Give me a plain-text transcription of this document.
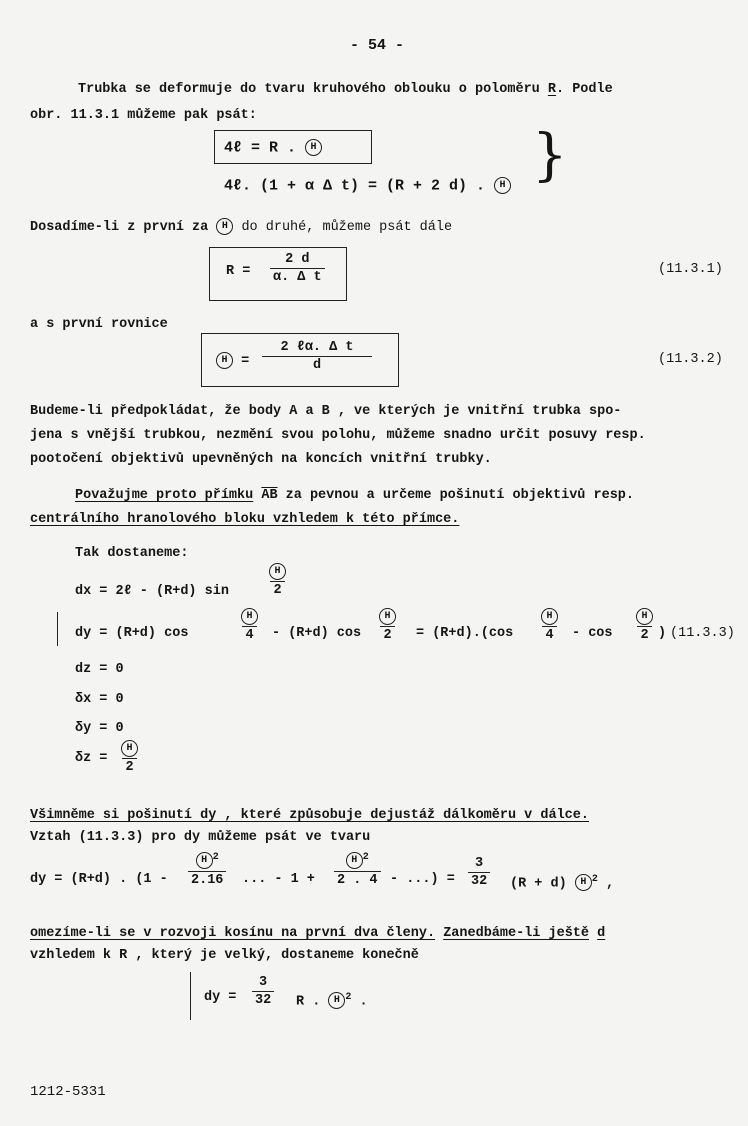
- 54 -
Trubka se deformuje do tvaru kruhového oblouku o poloměru R. Podle
obr. 11.3.1 můžeme pak psát:
4ℓ = R . H
4ℓ. (1 + α Δ t) = (R + 2 d) . H }
Dosadíme-li z první za H do druhé, můžeme psát dále
$R = \frac{2 d}{\text{α. Δ t}}$	(11.3.1)
a s první rovnice
H =
2 ℓα. Δ t
d	(11.3.2)
Budeme-li předpokládat, že body A a B , ve kterých je vnitřní trubka spo-
jena s vnější trubkou, nezmění svou polohu, můžeme snadno určit posuvy resp.
pootočení objektivů upevněných na koncích vnitřní trubky.
Považujme proto přímku $\overline{AB}$ za pevnou a určeme pošinutí objektivů resp.
centrálního hranolového bloku vzhledem k této přímce.
Tak dostaneme:
dx = 2ℓ - (R+d) sin	$\frac{H}{2}$
dy = (R+d) cos	$\frac{H}{4} - (R+d)$ $\cos \frac{H}{2} = (R+d).(\cos \frac{H}{4} - \cos \frac{H}{2}$ ) (11.3.3)
dz = 0
δx = 0
δy = 0
$\delta z = \frac{H}{2}$
Všimněme si pošinutí dy , které způsobuje dejustáž dálkoměru v dálce.
Vztah (11.3.3) pro dy můžeme psát ve tvaru
dy = (R+d) . ($1 - \frac{H ^2}{2.16}$ ... - $1 + \frac{H ^2}{2 . 4}$ - ...) = $\frac{3}{32} (R + d)$ H $^2$ ,
omezíme-li se v rozvoji kosínu na první dva členy. Zanedbáme-li ještě d
vzhledem k R , který je velký, dostaneme konečně
dy = $\frac{3}{32}$ R . H $^2$ .
1212-5331
